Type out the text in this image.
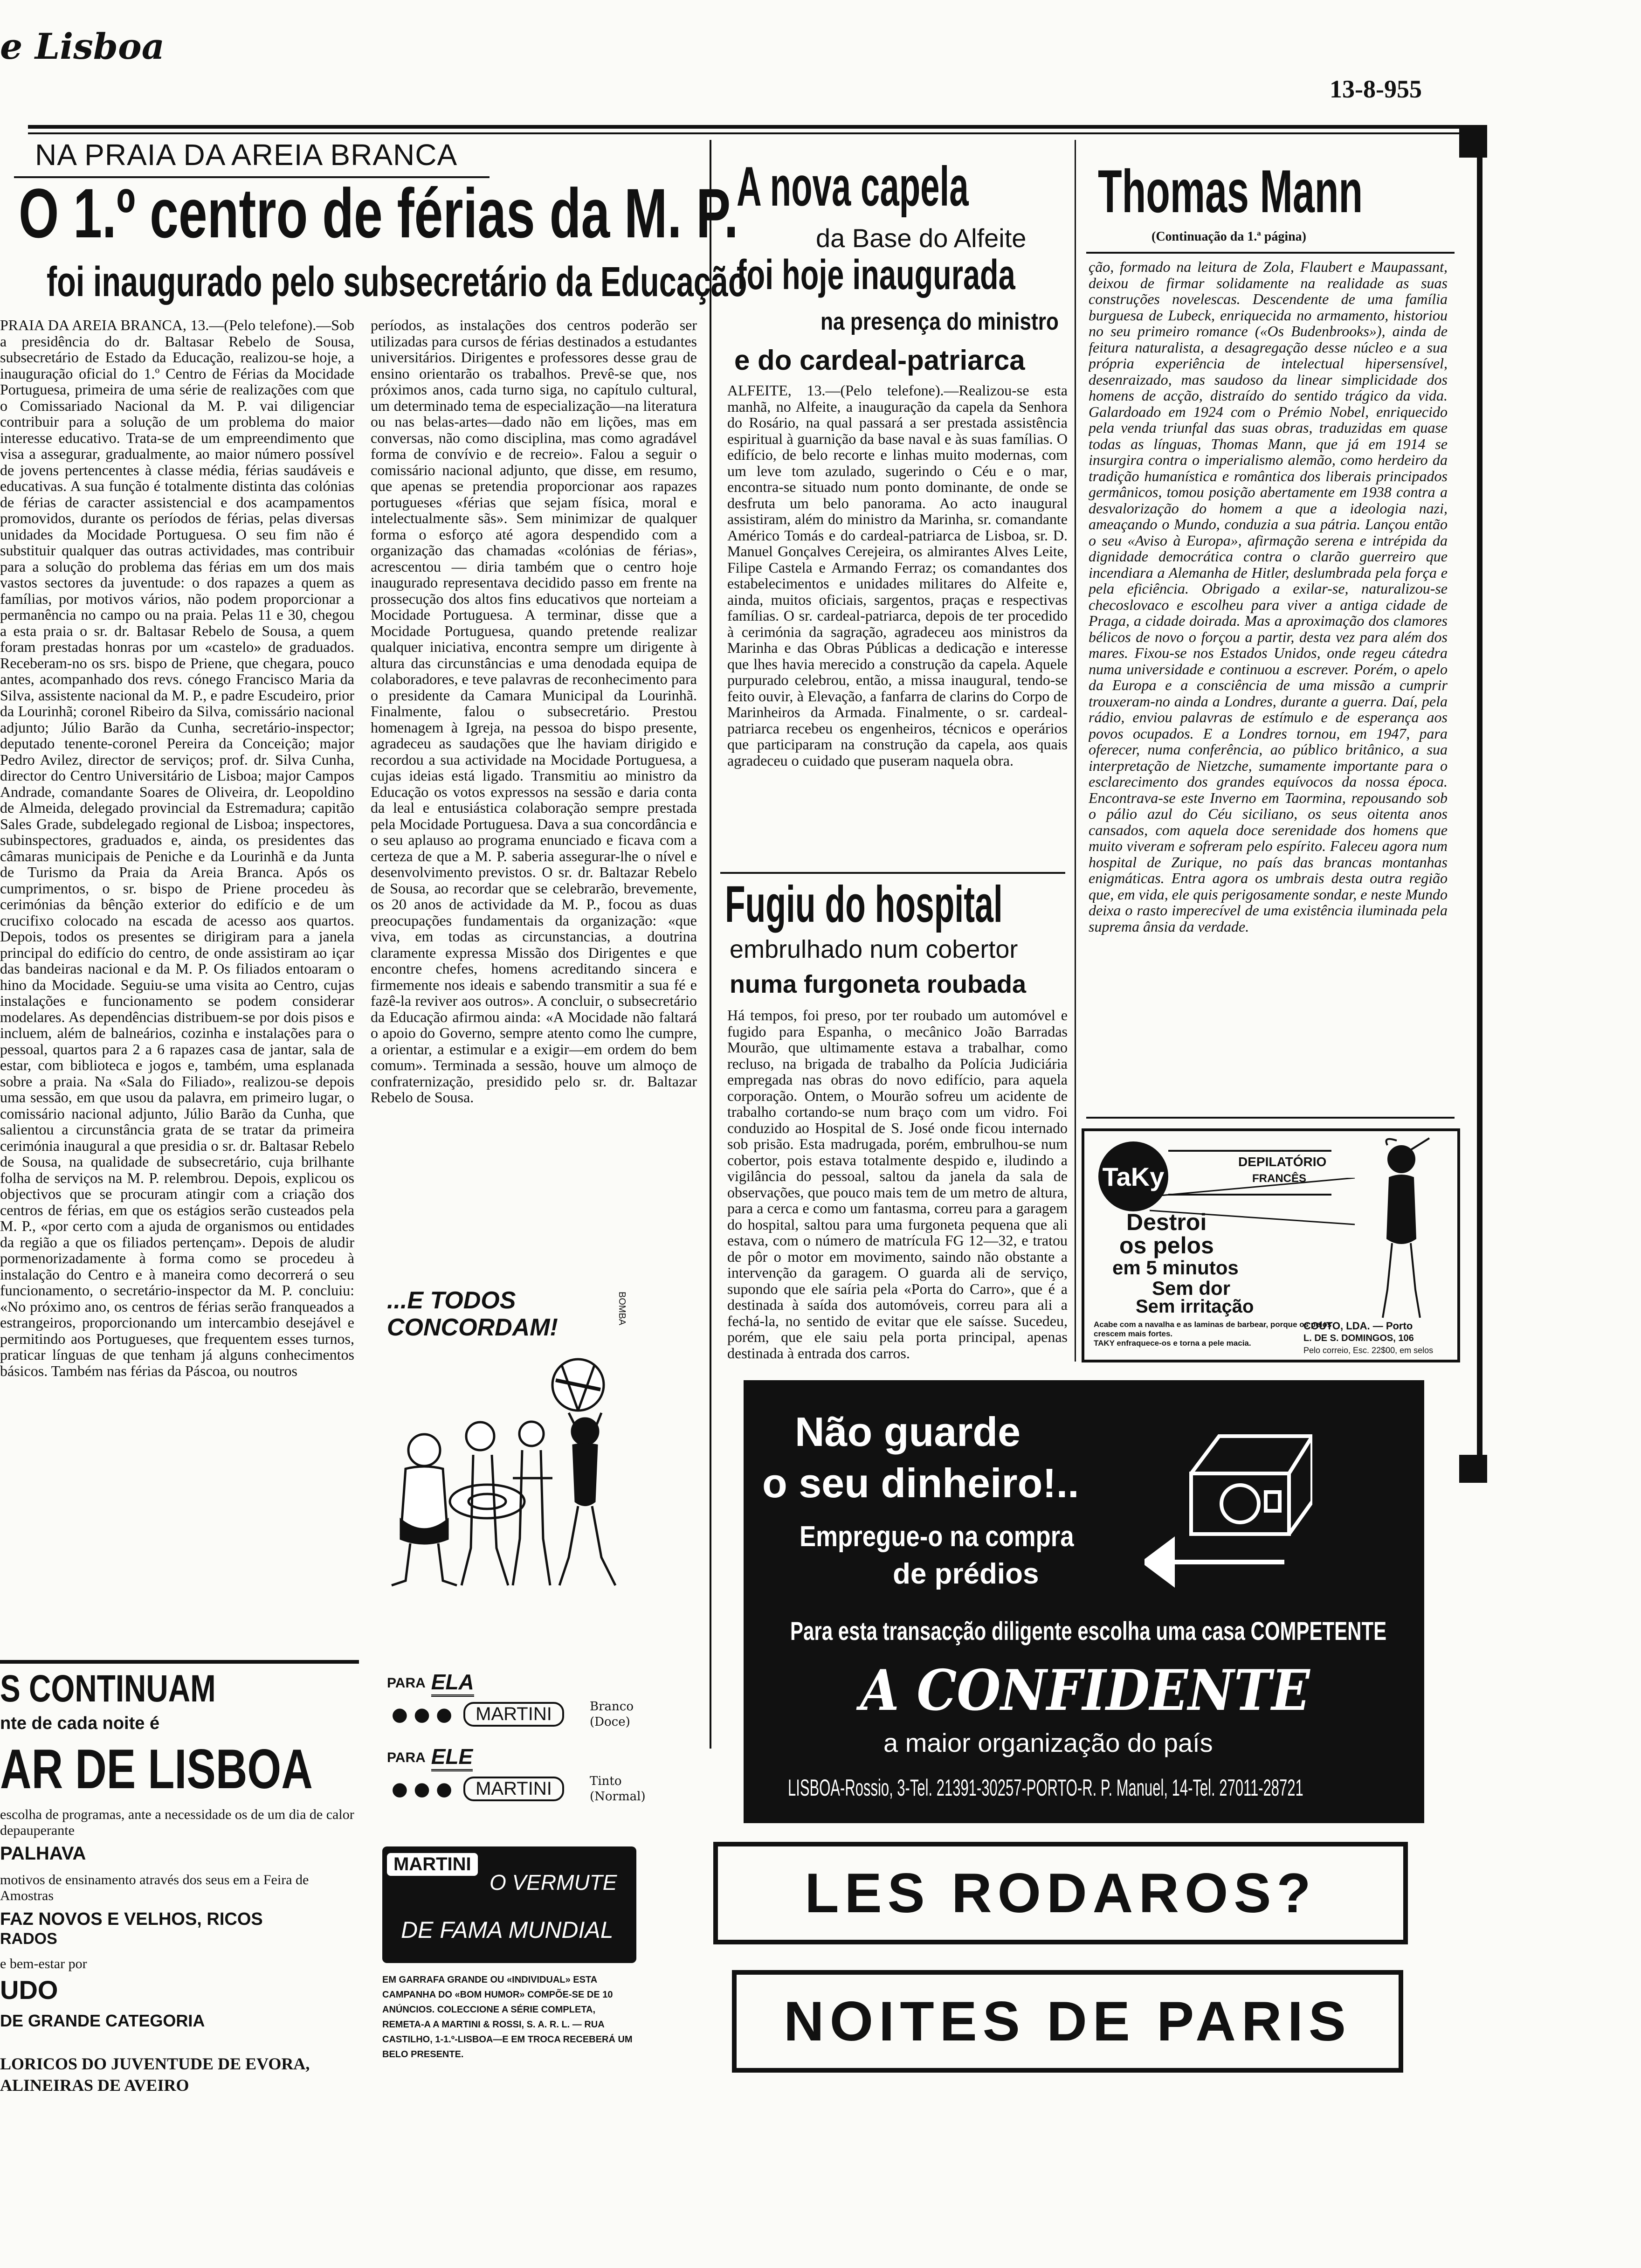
e Lisboa
13-8-955
NA PRAIA DA AREIA BRANCA
O 1.º centro de férias da M. P.
foi inaugurado pelo subsecretário da Educação
PRAIA DA AREIA BRANCA, 13.—(Pelo telefone).—Sob a presidência do dr. Baltasar Rebelo de Sousa, subsecretário de Estado da Educação, realizou-se hoje, a inauguração oficial do 1.º Centro de Férias da Mocidade Portuguesa, primeira de uma série de realizações com que o Comissariado Nacional da M. P. vai diligenciar contribuir para a solução de um problema do maior interesse educativo. Trata-se de um empreendimento que visa a assegurar, gradualmente, ao maior número possível de jovens pertencentes à classe média, férias saudáveis e educativas. A sua função é totalmente distinta das colónias de férias de caracter assistencial e dos acampamentos promovidos, durante os períodos de férias, pelas diversas unidades da Mocidade Portuguesa. O seu fim não é substituir qualquer das outras actividades, mas contribuir para a solução do problema das férias em um dos mais vastos sectores da juventude: o dos rapazes a quem as famílias, por motivos vários, não podem proporcionar a permanência no campo ou na praia. Pelas 11 e 30, chegou a esta praia o sr. dr. Baltasar Rebelo de Sousa, a quem foram prestadas honras por um «castelo» de graduados. Receberam-no os srs. bispo de Priene, que chegara, pouco antes, acompanhado dos revs. cónego Francisco Maria da Silva, assistente nacional da M. P., e padre Escudeiro, prior da Lourinhã; coronel Ribeiro da Silva, comissário nacional adjunto; Júlio Barão da Cunha, secretário-inspector; deputado tenente-coronel Pereira da Conceição; major Pedro Avilez, director de serviços; prof. dr. Silva Cunha, director do Centro Universitário de Lisboa; major Campos Andrade, comandante Soares de Oliveira, dr. Leopoldino de Almeida, delegado provincial da Estremadura; capitão Sales Grade, subdelegado regional de Lisboa; inspectores, subinspectores, graduados e, ainda, os presidentes das câmaras municipais de Peniche e da Lourinhã e da Junta de Turismo da Praia da Areia Branca. Após os cumprimentos, o sr. bispo de Priene procedeu às cerimónias da bênção exterior do edifício e de um crucifixo colocado na escada de acesso aos quartos. Depois, todos os presentes se dirigiram para a janela principal do edifício do centro, de onde assistiram ao içar das bandeiras nacional e da M. P. Os filiados entoaram o hino da Mocidade. Seguiu-se uma visita ao Centro, cujas instalações e funcionamento se podem considerar modelares. As dependências distribuem-se por dois pisos e incluem, além de balneários, cozinha e instalações para o pessoal, quartos para 2 a 6 rapazes casa de jantar, sala de estar, com biblioteca e jogos e, também, uma esplanada sobre a praia. Na «Sala do Filiado», realizou-se depois uma sessão, em que usou da palavra, em primeiro lugar, o comissário nacional adjunto, Júlio Barão da Cunha, que salientou a circunstância grata de se tratar da primeira cerimónia inaugural a que presidia o sr. dr. Baltasar Rebelo de Sousa, na qualidade de subsecretário, cuja brilhante folha de serviços na M. P. relembrou. Depois, explicou os objectivos que se procuram atingir com a criação dos centros de férias, em que os estágios serão custeados pela M. P., «por certo com a ajuda de organismos ou entidades da região a que os filiados pertençam». Depois de aludir pormenorizadamente à forma como se procedeu à instalação do Centro e à maneira como decorrerá o seu funcionamento, o secretário-inspector da M. P. concluiu: «No próximo ano, os centros de férias serão franqueados a estrangeiros, proporcionando um intercambio desejável e permitindo aos Portugueses, que frequentem esses turnos, praticar línguas de que tenham já alguns conhecimentos básicos. Também nas férias da Páscoa, ou noutros
períodos, as instalações dos centros poderão ser utilizadas para cursos de férias destinados a estudantes universitários. Dirigentes e professores desse grau de ensino orientarão os trabalhos. Prevê-se que, nos próximos anos, cada turno siga, no capítulo cultural, um determinado tema de especialização—na literatura ou nas belas-artes—dado não em lições, mas em conversas, não como disciplina, mas como agradável forma de convívio e de recreio». Falou a seguir o comissário nacional adjunto, que disse, em resumo, que apenas se pretendia proporcionar aos rapazes portugueses «férias que sejam física, moral e intelectualmente sãs». Sem minimizar de qualquer forma o esforço até agora despendido com a organização das chamadas «colónias de férias», acrescentou — diria também que o centro hoje inaugurado representava decidido passo em frente na prossecução dos altos fins educativos que norteiam a Mocidade Portuguesa. A terminar, disse que a Mocidade Portuguesa, quando pretende realizar qualquer iniciativa, encontra sempre um dirigente à altura das circunstâncias e uma denodada equipa de colaboradores, e teve palavras de reconhecimento para o presidente da Camara Municipal da Lourinhã. Finalmente, falou o subsecretário. Prestou homenagem à Igreja, na pessoa do bispo presente, agradeceu as saudações que lhe haviam dirigido e recordou a sua actividade na Mocidade Portuguesa, a cujas ideias está ligado. Transmitiu ao ministro da Educação os votos expressos na sessão e daria conta da leal e entusiástica colaboração sempre prestada pela Mocidade Portuguesa. Dava a sua concordância e o seu aplauso ao programa enunciado e ficava com a certeza de que a M. P. saberia assegurar-lhe o nível e desenvolvimento previstos. O sr. dr. Baltazar Rebelo de Sousa, ao recordar que se celebrarão, brevemente, os 20 anos de actividade da M. P., focou as duas preocupações fundamentais da organização: «que viva, em todas as circunstancias, a doutrina claramente expressa Missão dos Dirigentes e que encontre chefes, homens acreditando sincera e firmemente nos ideais e sabendo transmitir a sua fé e fazê-la reviver aos outros». A concluir, o subsecretário da Educação afirmou ainda: «A Mocidade não faltará o apoio do Governo, sempre atento como lhe cumpre, a orientar, a estimular e a exigir—em ordem do bem comum». Terminada a sessão, houve um almoço de confraternização, presidido pelo sr. dr. Baltazar Rebelo de Sousa.
...E TODOS CONCORDAM!
BOMBA
PARA ELA
● ● ●	MARTINI	Branco
(Doce)
PARA ELE
● ● ●	MARTINI	Tinto
(Normal)
MARTINI
O VERMUTE
DE FAMA MUNDIAL
EM GARRAFA GRANDE OU «INDIVIDUAL» ESTA CAMPANHA DO «BOM HUMOR» COMPÕE-SE DE 10 ANÚNCIOS. COLECCIONE A SÉRIE COMPLETA, REMETA-A A MARTINI & ROSSI, S. A. R. L. — RUA CASTILHO, 1-1.º-LISBOA—E EM TROCA RECEBERÁ UM BELO PRESENTE.
S CONTINUAM
nte de cada noite é
AR DE LISBOA
escolha de programas, ante a necessidade os de um dia de calor depauperante
PALHAVA
motivos de ensinamento através dos seus em a Feira de Amostras
FAZ NOVOS E VELHOS, RICOS
RADOS
e bem-estar por
UDO
DE GRANDE CATEGORIA
LORICOS DO JUVENTUDE DE EVORA,
ALINEIRAS DE AVEIRO
A nova capela
da Base do Alfeite
foi hoje inaugurada
na presença do ministro
e do cardeal-patriarca
ALFEITE, 13.—(Pelo telefone).—Realizou-se esta manhã, no Alfeite, a inauguração da capela da Senhora do Rosário, na qual passará a ser prestada assistência espiritual à guarnição da base naval e às suas famílias. O edifício, de belo recorte e linhas muito modernas, com um leve tom azulado, sugerindo o Céu e o mar, encontra-se situado num ponto dominante, de onde se desfruta um belo panorama. Ao acto inaugural assistiram, além do ministro da Marinha, sr. comandante Américo Tomás e do cardeal-patriarca de Lisboa, sr. D. Manuel Gonçalves Cerejeira, os almirantes Alves Leite, Filipe Castela e Armando Ferraz; os comandantes dos estabelecimentos e unidades militares do Alfeite e, ainda, muitos oficiais, sargentos, praças e respectivas famílias. O sr. cardeal-patriarca, depois de ter procedido à cerimónia da sagração, agradeceu aos ministros da Marinha e das Obras Públicas a dedicação e interesse que lhes havia merecido a construção da capela. Aquele purpurado celebrou, então, a missa inaugural, tendo-se feito ouvir, à Elevação, a fanfarra de clarins do Corpo de Marinheiros da Armada. Finalmente, o sr. cardeal-patriarca recebeu os engenheiros, técnicos e operários que participaram na construção da capela, aos quais agradeceu o cuidado que puseram naquela obra.
Fugiu do hospital
embrulhado num cobertor
numa furgoneta roubada
Há tempos, foi preso, por ter roubado um automóvel e fugido para Espanha, o mecânico João Barradas Mourão, que ultimamente estava a trabalhar, como recluso, na brigada de trabalho da Polícia Judiciária empregada nas obras do novo edifício, para aquela corporação. Ontem, o Mourão sofreu um acidente de trabalho cortando-se num braço com um vidro. Foi conduzido ao Hospital de S. José onde ficou internado sob prisão. Esta madrugada, porém, embrulhou-se num cobertor, pois estava totalmente despido e, iludindo a vigilância do pessoal, saltou da janela da sala de observações, que pouco mais tem de um metro de altura, para a cerca e como um fantasma, correu para a garagem do hospital, saltou para uma furgoneta pequena que ali estava, com o número de matrícula FG 12—32, e tratou de pôr o motor em movimento, saindo não obstante a intervenção da garagem. O guarda ali de serviço, supondo que ele saíria pela «Porta do Carro», que é a destinada à saída dos automóveis, correu para ali a fechá-la, no sentido de evitar que ele saísse. Sucedeu, porém, que ele saiu pela porta principal, apenas destinada à entrada dos carros.
Thomas Mann
(Continuação da 1.ª página)
ção, formado na leitura de Zola, Flaubert e Maupassant, deixou de firmar solidamente na realidade as suas construções novelescas. Descendente de uma família burguesa de Lubeck, enriquecida no armamento, historiou no seu primeiro romance («Os Budenbrooks»), ainda de feitura naturalista, a desagregação desse núcleo e a sua própria experiência de intelectual hipersensível, desenraizado, mas saudoso da linear simplicidade dos homens de acção, distraído do sentido trágico da vida. Galardoado em 1924 com o Prémio Nobel, enriquecido pela venda triunfal das suas obras, traduzidas em quase todas as línguas, Thomas Mann, que já em 1914 se insurgira contra o imperialismo alemão, como herdeiro da tradição humanística e romântica dos liberais principados germânicos, tomou posição abertamente em 1938 contra a desvalorização do homem a que a ideologia nazi, ameaçando o Mundo, conduzia a sua pátria. Lançou então o seu «Aviso à Europa», afirmação serena e intrépida da dignidade democrática contra o clarão guerreiro que incendiara a Alemanha de Hitler, deslumbrada pela força e pela eficiência. Obrigado a exilar-se, naturalizou-se checoslovaco e escolheu para viver a antiga cidade de Praga, a cidade doirada. Mas a aproximação dos clamores bélicos de novo o forçou a partir, desta vez para além dos mares. Fixou-se nos Estados Unidos, onde regeu cátedra numa universidade e continuou a escrever. Porém, o apelo da Europa e a consciência de uma missão a cumprir trouxeram-no ainda a Londres, durante a guerra. Daí, pela rádio, enviou palavras de estímulo e de esperança aos povos ocupados. E a Londres tornou, em 1947, para oferecer, numa conferência, ao público britânico, a sua interpretação de Nietzche, sumamente importante para o esclarecimento dos grandes equívocos da nossa época. Encontrava-se este Inverno em Taormina, repousando sob o pálio azul do Céu siciliano, os seus oitenta anos cansados, com aquela doce serenidade dos homens que muito viveram e sofreram pelo espírito. Faleceu agora num hospital de Zurique, no país das brancas montanhas enigmáticas. Entra agora os umbrais desta outra região que, em vida, ele quis perigosamente sondar, e neste Mundo deixa o rasto imperecível de uma existência iluminada pela suprema ânsia da verdade.
TaKy	DEPILATÓRIO
FRANCÊS
Destroi
os pelos
em 5 minutos
Sem dor
Sem irritação
Acabe com a navalha e as laminas de barbear, porque os pelos crescem mais fortes.
TAKY enfraquece-os e torna a pele macia.
COUTO, LDA. — Porto
L. DE S. DOMINGOS, 106
Pelo correio, Esc. 22$00, em selos
Não guarde
o seu dinheiro!..
Empregue-o na compra
de prédios
Para esta transacção diligente escolha uma casa COMPETENTE
A CONFIDENTE
a maior organização do país
LISBOA-Rossio, 3-Tel. 21391-30257-PORTO-R. P. Manuel, 14-Tel. 27011-28721
LES RODAROS?
NOITES DE PARIS
